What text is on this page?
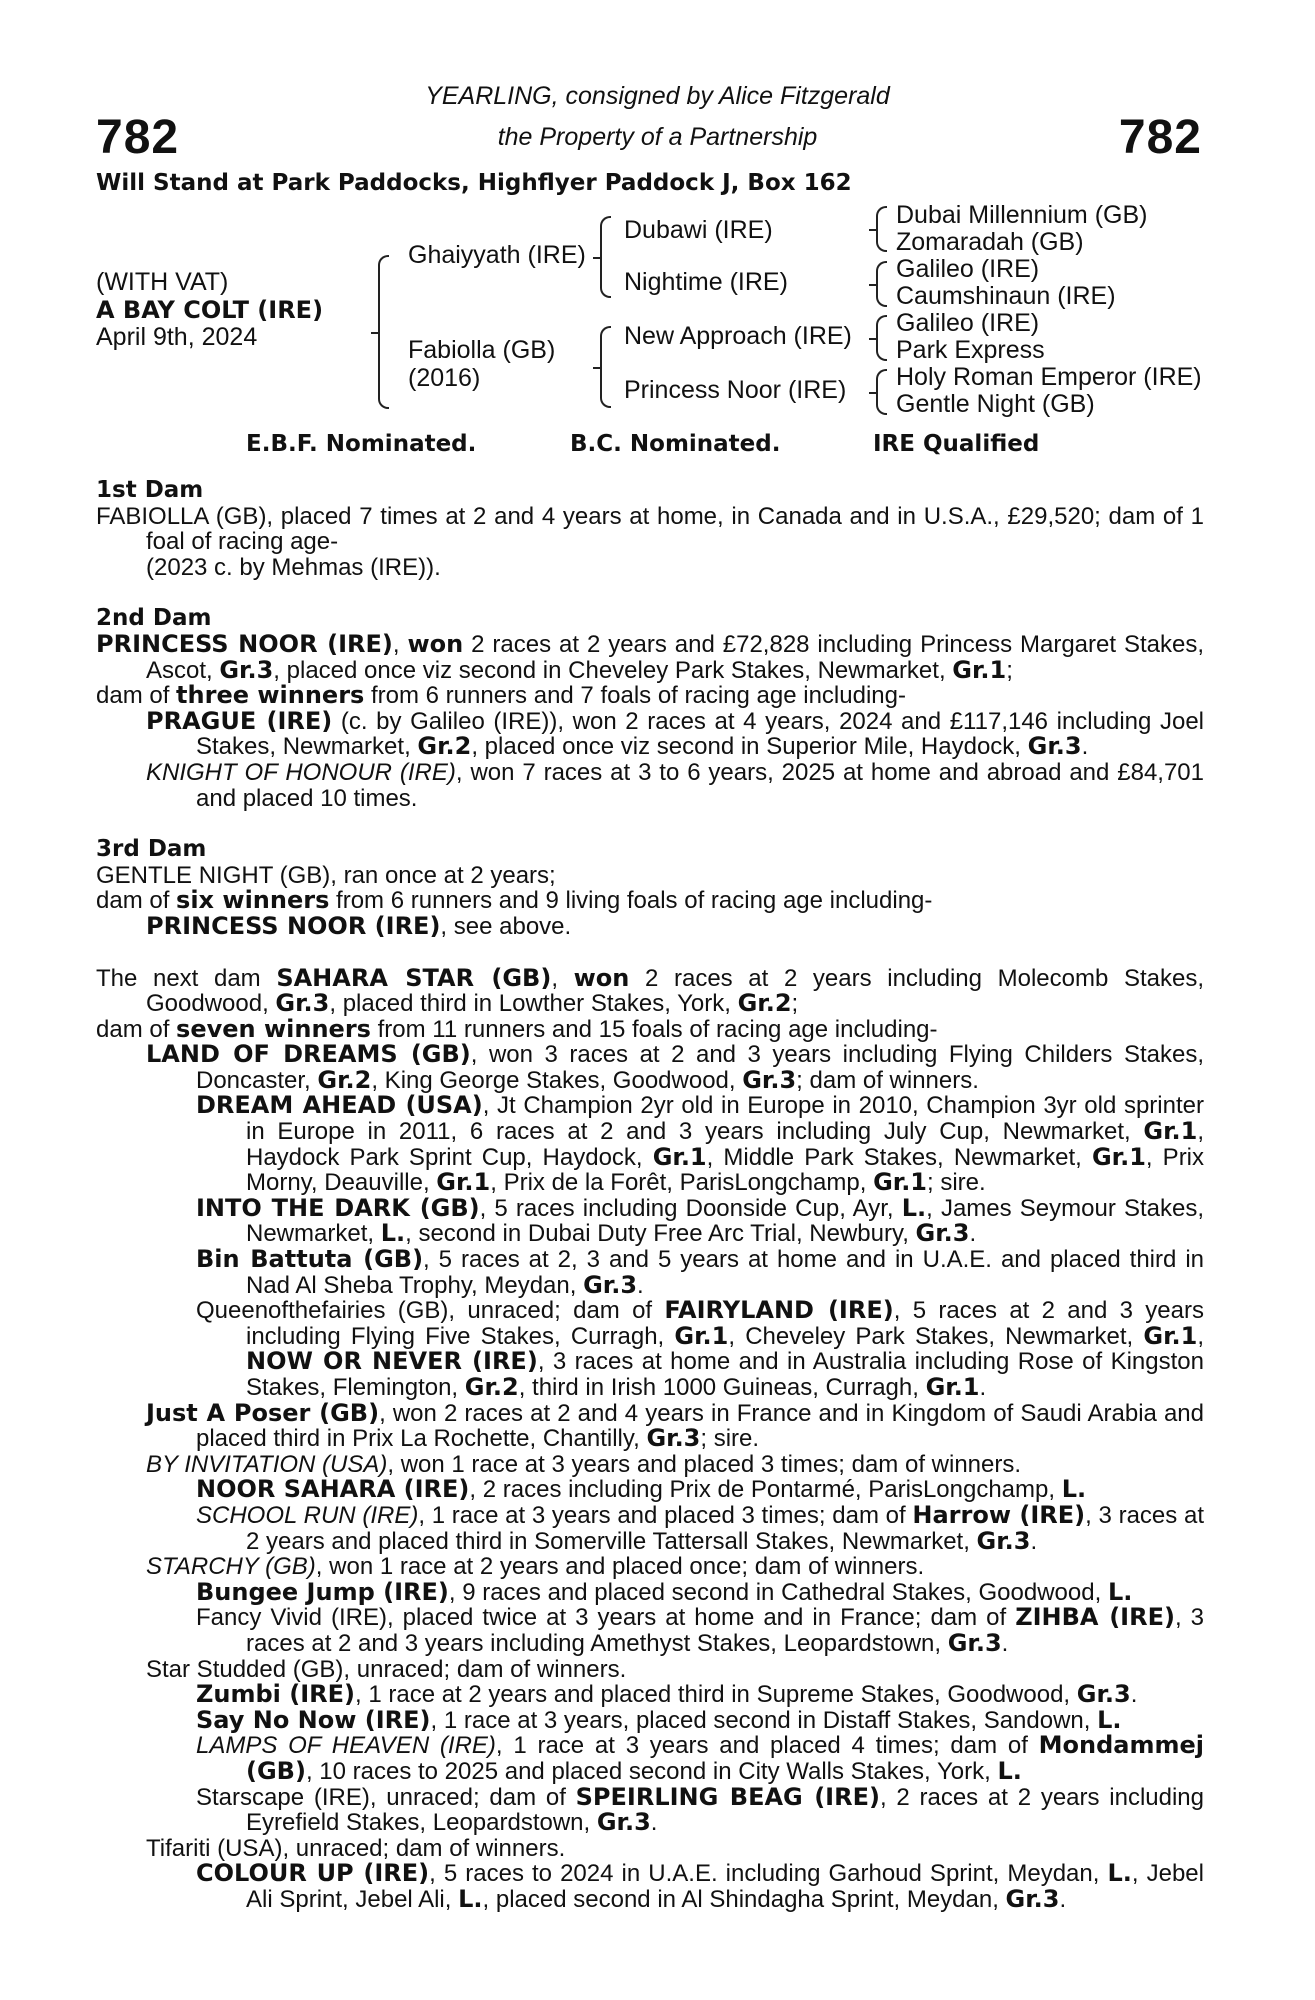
782	782
YEARLING, consigned by Alice Fitzgerald
the Property of a Partnership
Will Stand at Park Paddocks, Highflyer Paddock J, Box 162
(WITH VAT)
A BAY COLT (IRE)
April 9th, 2024
Ghaiyyath (IRE)
Fabiolla (GB)
(2016)
Dubawi (IRE)
Nightime (IRE)
New Approach (IRE)
Princess Noor (IRE)
Dubai Millennium (GB)
Zomaradah (GB)
Galileo (IRE)
Caumshinaun (IRE)
Galileo (IRE)
Park Express
Holy Roman Emperor (IRE)
Gentle Night (GB)
E.B.F. Nominated.	B.C. Nominated.	IRE Qualified
1st Dam
FABIOLLA (GB), placed 7 times at 2 and 4 years at home, in Canada and in U.S.A., £29,520; dam of 1 foal of racing age-
(2023 c. by Mehmas (IRE)).
2nd Dam
PRINCESS NOOR (IRE), won 2 races at 2 years and £72,828 including Princess Margaret Stakes, Ascot, Gr.3, placed once viz second in Cheveley Park Stakes, Newmarket, Gr.1;
dam of three winners from 6 runners and 7 foals of racing age including-
PRAGUE (IRE) (c. by Galileo (IRE)), won 2 races at 4 years, 2024 and £117,146 including Joel Stakes, Newmarket, Gr.2, placed once viz second in Superior Mile, Haydock, Gr.3.
KNIGHT OF HONOUR (IRE), won 7 races at 3 to 6 years, 2025 at home and abroad and £84,701 and placed 10 times.
3rd Dam
GENTLE NIGHT (GB), ran once at 2 years;
dam of six winners from 6 runners and 9 living foals of racing age including-
PRINCESS NOOR (IRE), see above.
The next dam SAHARA STAR (GB), won 2 races at 2 years including Molecomb Stakes, Goodwood, Gr.3, placed third in Lowther Stakes, York, Gr.2;
dam of seven winners from 11 runners and 15 foals of racing age including-
LAND OF DREAMS (GB), won 3 races at 2 and 3 years including Flying Childers Stakes, Doncaster, Gr.2, King George Stakes, Goodwood, Gr.3; dam of winners.
DREAM AHEAD (USA), Jt Champion 2yr old in Europe in 2010, Champion 3yr old sprinter in Europe in 2011, 6 races at 2 and 3 years including July Cup, Newmarket, Gr.1, Haydock Park Sprint Cup, Haydock, Gr.1, Middle Park Stakes, Newmarket, Gr.1, Prix Morny, Deauville, Gr.1, Prix de la Forêt, ParisLongchamp, Gr.1; sire.
INTO THE DARK (GB), 5 races including Doonside Cup, Ayr, L., James Seymour Stakes, Newmarket, L., second in Dubai Duty Free Arc Trial, Newbury, Gr.3.
Bin Battuta (GB), 5 races at 2, 3 and 5 years at home and in U.A.E. and placed third in Nad Al Sheba Trophy, Meydan, Gr.3.
Queenofthefairies (GB), unraced; dam of FAIRYLAND (IRE), 5 races at 2 and 3 years including Flying Five Stakes, Curragh, Gr.1, Cheveley Park Stakes, Newmarket, Gr.1, NOW OR NEVER (IRE), 3 races at home and in Australia including Rose of Kingston Stakes, Flemington, Gr.2, third in Irish 1000 Guineas, Curragh, Gr.1.
Just A Poser (GB), won 2 races at 2 and 4 years in France and in Kingdom of Saudi Arabia and placed third in Prix La Rochette, Chantilly, Gr.3; sire.
BY INVITATION (USA), won 1 race at 3 years and placed 3 times; dam of winners.
NOOR SAHARA (IRE), 2 races including Prix de Pontarmé, ParisLongchamp, L.
SCHOOL RUN (IRE), 1 race at 3 years and placed 3 times; dam of Harrow (IRE), 3 races at 2 years and placed third in Somerville Tattersall Stakes, Newmarket, Gr.3.
STARCHY (GB), won 1 race at 2 years and placed once; dam of winners.
Bungee Jump (IRE), 9 races and placed second in Cathedral Stakes, Goodwood, L.
Fancy Vivid (IRE), placed twice at 3 years at home and in France; dam of ZIHBA (IRE), 3 races at 2 and 3 years including Amethyst Stakes, Leopardstown, Gr.3.
Star Studded (GB), unraced; dam of winners.
Zumbi (IRE), 1 race at 2 years and placed third in Supreme Stakes, Goodwood, Gr.3.
Say No Now (IRE), 1 race at 3 years, placed second in Distaff Stakes, Sandown, L.
LAMPS OF HEAVEN (IRE), 1 race at 3 years and placed 4 times; dam of Mondammej (GB), 10 races to 2025 and placed second in City Walls Stakes, York, L.
Starscape (IRE), unraced; dam of SPEIRLING BEAG (IRE), 2 races at 2 years including Eyrefield Stakes, Leopardstown, Gr.3.
Tifariti (USA), unraced; dam of winners.
COLOUR UP (IRE), 5 races to 2024 in U.A.E. including Garhoud Sprint, Meydan, L., Jebel Ali Sprint, Jebel Ali, L., placed second in Al Shindagha Sprint, Meydan, Gr.3.
